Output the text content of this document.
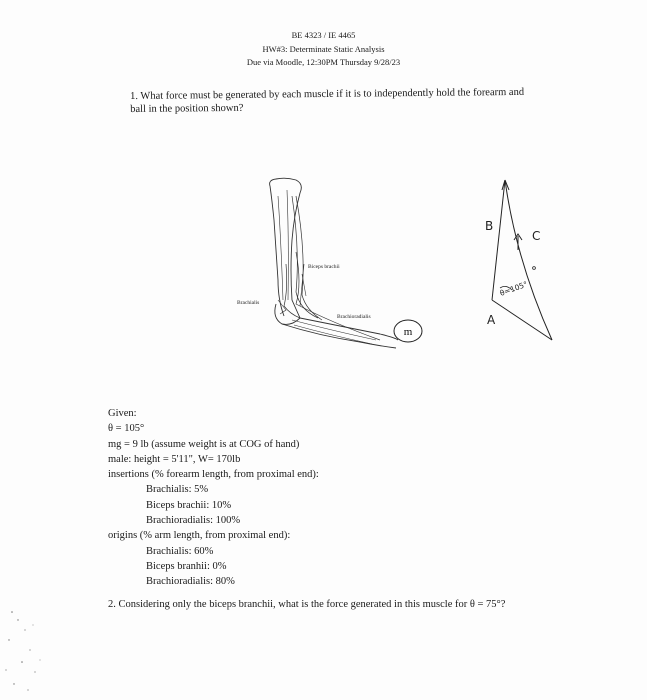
BE 4323 / IE 4465
HW#3: Determinate Static Analysis
Due via Moodle, 12:30PM Thursday 9/28/23
1. What force must be generated by each muscle if it is to independently hold the forearm and ball in the position shown?
m
Biceps brachii
Brachialis
Brachioradialis
B
C
A
θ=105°
Given:
θ = 105°
mg = 9 lb (assume weight is at COG of hand)
male: height = 5'11", W= 170lb
insertions (% forearm length, from proximal end):
Brachialis: 5%
Biceps brachii: 10%
Brachioradialis: 100%
origins (% arm length, from proximal end):
Brachialis: 60%
Biceps branhii: 0%
Brachioradialis: 80%
2. Considering only the biceps branchii, what is the force generated in this muscle for θ = 75°?
